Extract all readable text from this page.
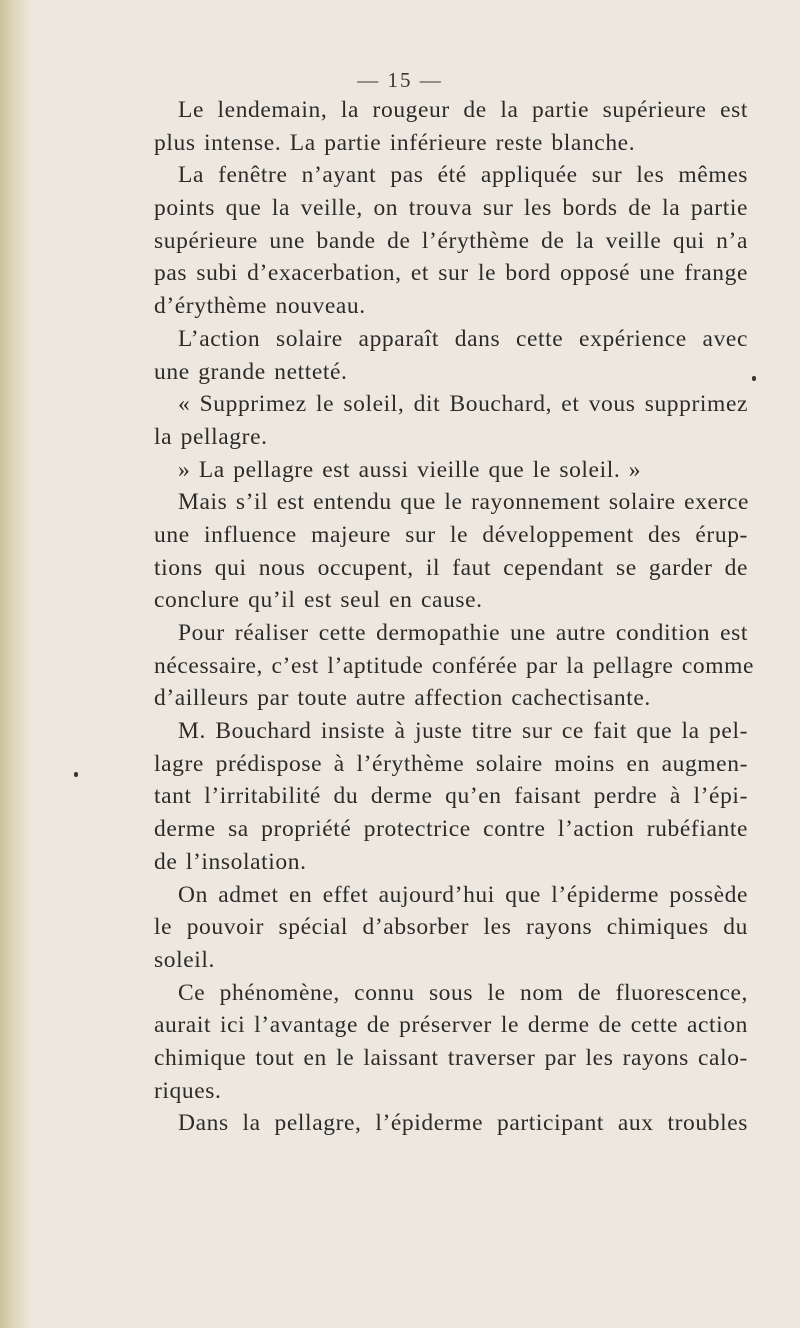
— 15 —
Le lendemain, la rougeur de la partie supérieure est
plus intense. La partie inférieure reste blanche.
La fenêtre n’ayant pas été appliquée sur les mêmes
points que la veille, on trouva sur les bords de la partie
supérieure une bande de l’érythème de la veille qui n’a
pas subi d’exacerbation, et sur le bord opposé une frange
d’érythème nouveau.
L’action solaire apparaît dans cette expérience avec
une grande netteté.
« Supprimez le soleil, dit Bouchard, et vous supprimez
la pellagre.
» La pellagre est aussi vieille que le soleil. »
Mais s’il est entendu que le rayonnement solaire exerce
une influence majeure sur le développement des érup-
tions qui nous occupent, il faut cependant se garder de
conclure qu’il est seul en cause.
Pour réaliser cette dermopathie une autre condition est
nécessaire, c’est l’aptitude conférée par la pellagre comme
d’ailleurs par toute autre affection cachectisante.
M. Bouchard insiste à juste titre sur ce fait que la pel-
lagre prédispose à l’érythème solaire moins en augmen-
tant l’irritabilité du derme qu’en faisant perdre à l’épi-
derme sa propriété protectrice contre l’action rubéfiante
de l’insolation.
On admet en effet aujourd’hui que l’épiderme possède
le pouvoir spécial d’absorber les rayons chimiques du
soleil.
Ce phénomène, connu sous le nom de fluorescence,
aurait ici l’avantage de préserver le derme de cette action
chimique tout en le laissant traverser par les rayons calo-
riques.
Dans la pellagre, l’épiderme participant aux troubles
